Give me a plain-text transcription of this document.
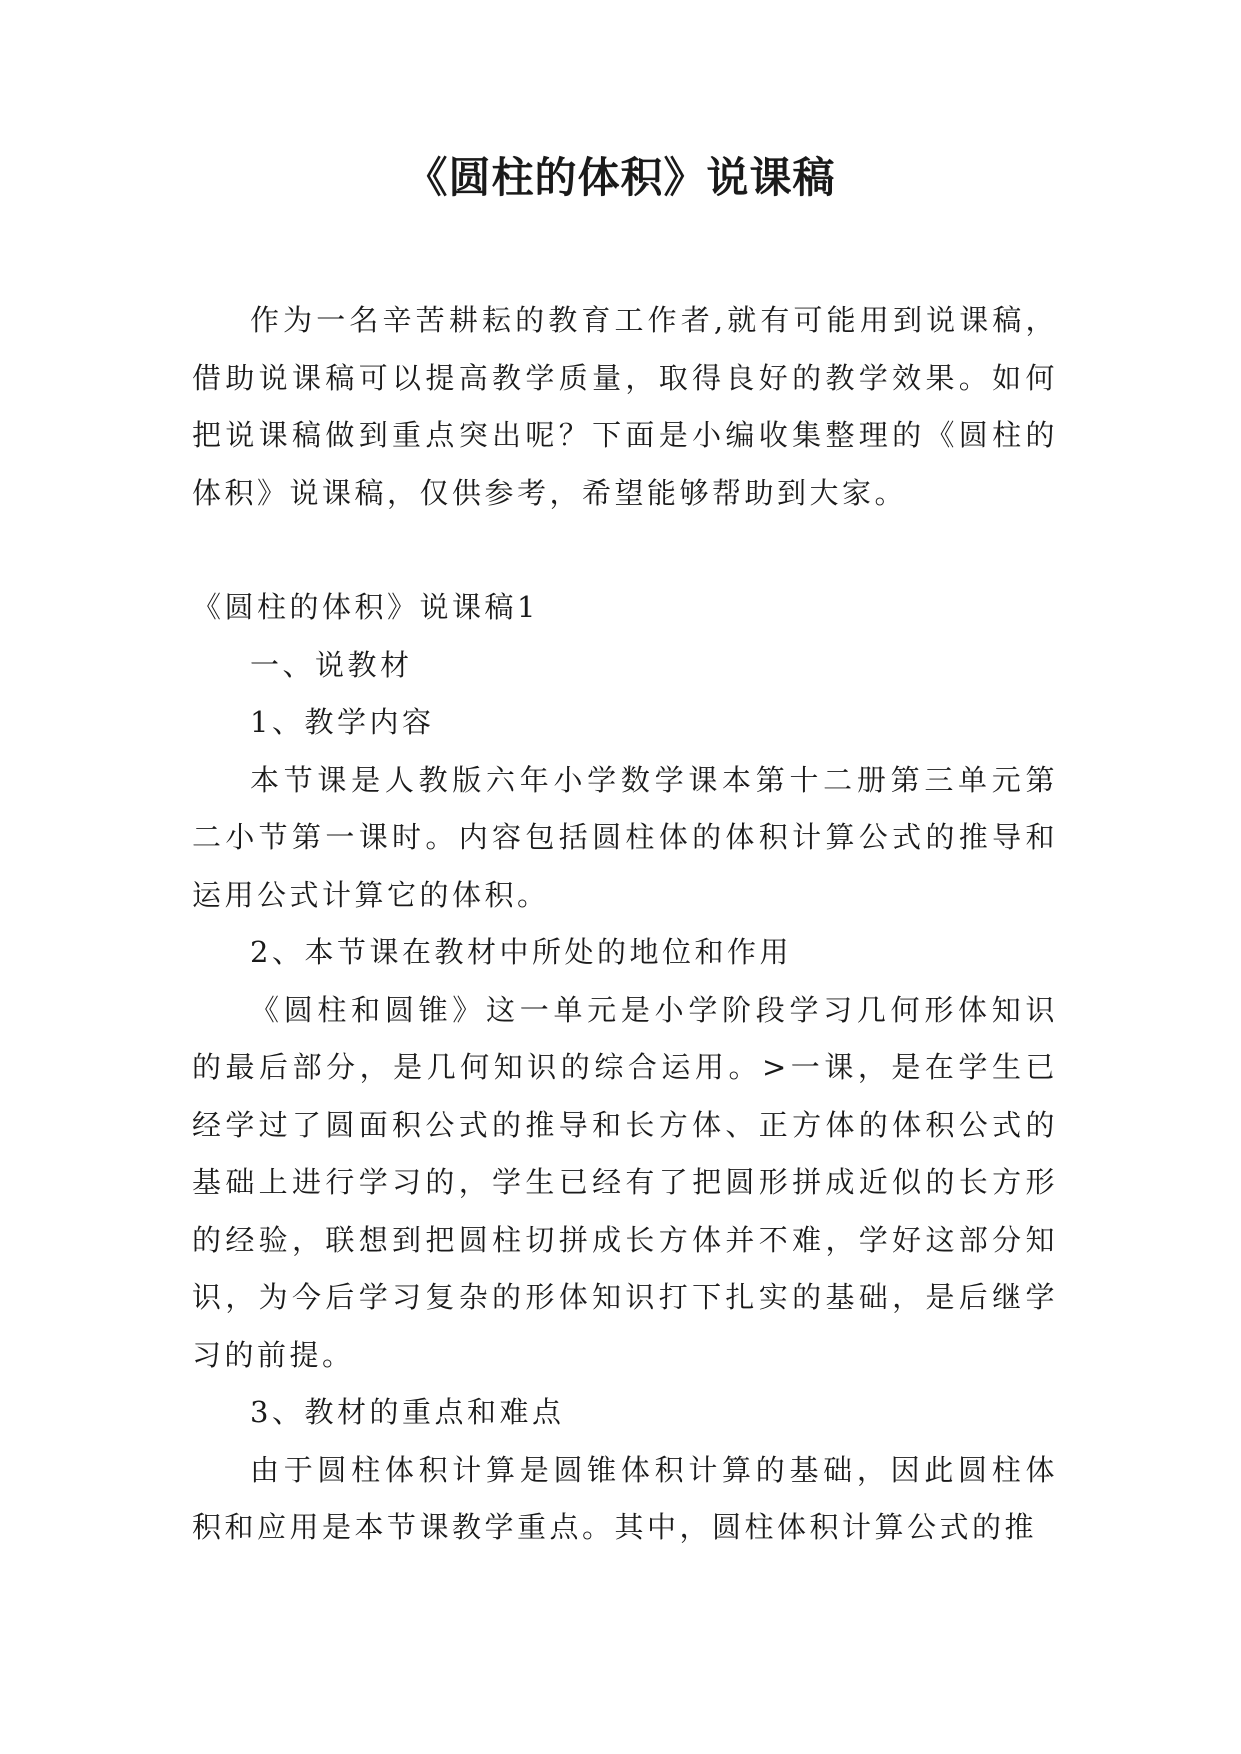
《圆柱的体积》说课稿

作为一名辛苦耕耘的教育工作者,就有可能用到说课稿，借助说课稿可以提高教学质量，取得良好的教学效果。如何把说课稿做到重点突出呢？下面是小编收集整理的《圆柱的体积》说课稿，仅供参考，希望能够帮助到大家。

《圆柱的体积》说课稿1

一、说教材

1、教学内容

本节课是人教版六年小学数学课本第十二册第三单元第二小节第一课时。内容包括圆柱体的体积计算公式的推导和运用公式计算它的体积。

2、本节课在教材中所处的地位和作用

《圆柱和圆锥》这一单元是小学阶段学习几何形体知识的最后部分，是几何知识的综合运用。>一课，是在学生已经学过了圆面积公式的推导和长方体、正方体的体积公式的基础上进行学习的，学生已经有了把圆形拼成近似的长方形的经验，联想到把圆柱切拼成长方体并不难，学好这部分知识，为今后学习复杂的形体知识打下扎实的基础，是后继学习的前提。

3、教材的重点和难点

由于圆柱体积计算是圆锥体积计算的基础，因此圆柱体积和应用是本节课教学重点。其中，圆柱体积计算公式的推
